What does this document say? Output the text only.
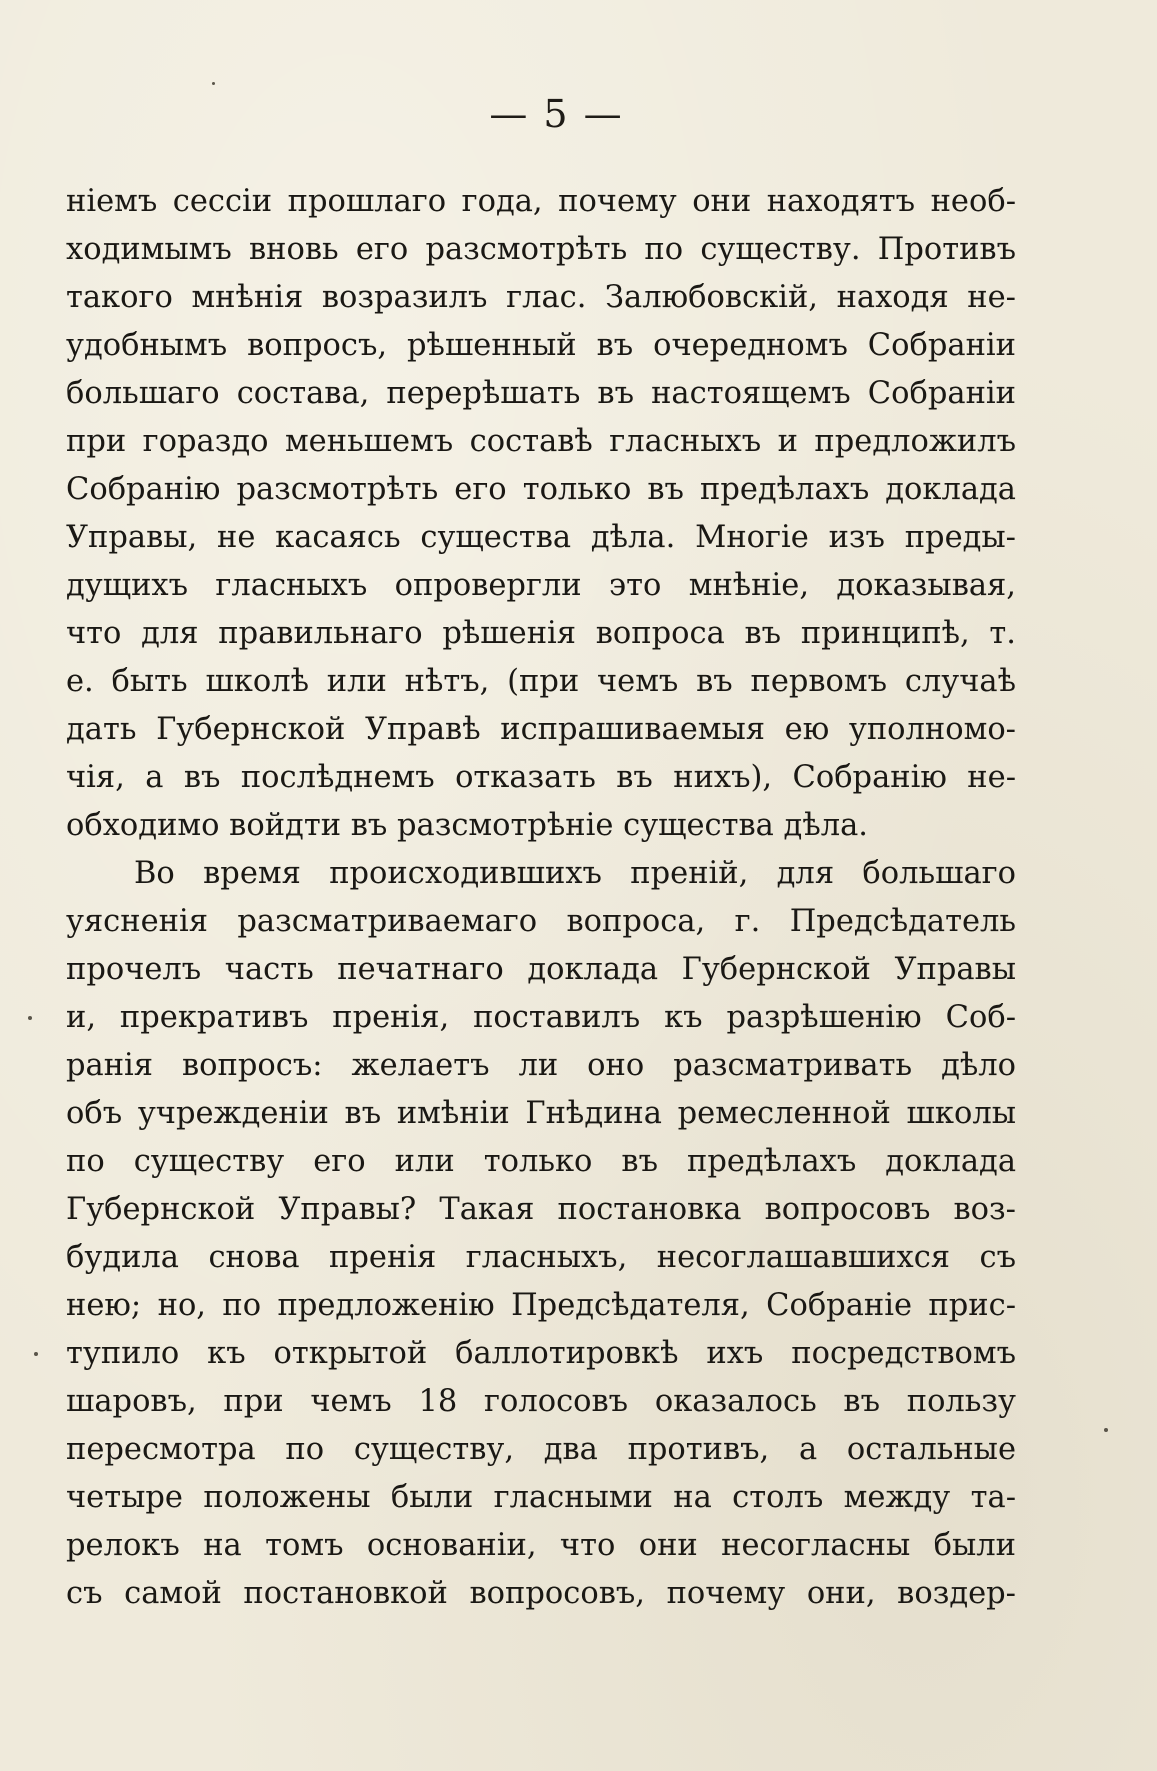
— 5 —
нiемъ сессiи прошлаго года, почему они находятъ необ-
ходимымъ вновь его разсмотрѣть по существу. Противъ
такого мнѣнiя возразилъ глас. Залюбовскiй, находя не-
удобнымъ вопросъ, рѣшенный въ очередномъ Собранiи
большаго состава, перерѣшать въ настоящемъ Собранiи
при гораздо меньшемъ составѣ гласныхъ и предложилъ
Собранiю разсмотрѣть его только въ предѣлахъ доклада
Управы, не касаясь существа дѣла. Многiе изъ преды-
дущихъ гласныхъ опровергли это мнѣнiе, доказывая,
что для правильнаго рѣшенiя вопроса въ принципѣ, т.
е. быть школѣ или нѣтъ, (при чемъ въ первомъ случаѣ
дать Губернской Управѣ испрашиваемыя ею уполномо-
чiя, а въ послѣднемъ отказать въ нихъ), Собранiю не-
обходимо войдти въ разсмотрѣнiе существа дѣла.
Во время происходившихъ пренiй, для большаго
уясненiя разсматриваемаго вопроса, г. Предсѣдатель
прочелъ часть печатнаго доклада Губернской Управы
и, прекративъ пренiя, поставилъ къ разрѣшенiю Соб-
ранiя вопросъ: желаетъ ли оно разсматривать дѣло
объ учрежденiи въ имѣнiи Гнѣдина ремесленной школы
по существу его или только въ предѣлахъ доклада
Губернской Управы? Такая постановка вопросовъ воз-
будила снова пренiя гласныхъ, несоглашавшихся съ
нею; но, по предложенiю Предсѣдателя, Собранiе прис-
тупило къ открытой баллотировкѣ ихъ посредствомъ
шаровъ, при чемъ 18 голосовъ оказалось въ пользу
пересмотра по существу, два противъ, а остальные
четыре положены были гласными на столъ между та-
релокъ на томъ основанiи, что они несогласны были
съ самой постановкой вопросовъ, почему они, воздер-
